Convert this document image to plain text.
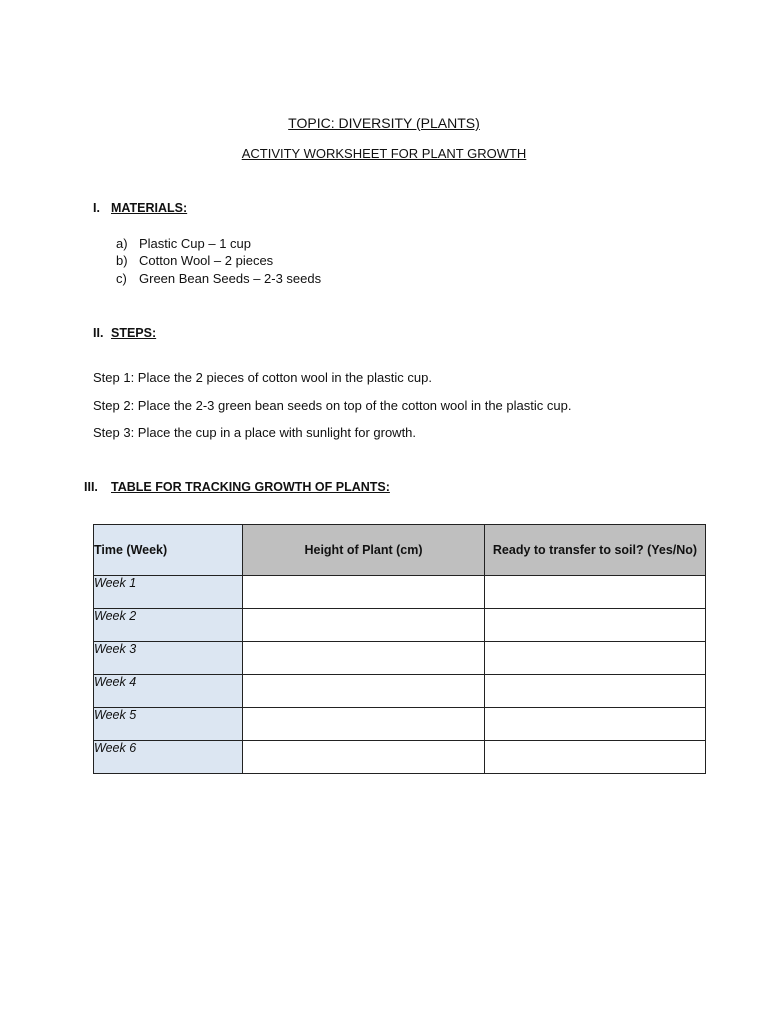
TOPIC: DIVERSITY (PLANTS)
ACTIVITY WORKSHEET FOR PLANT GROWTH
I. MATERIALS:
a) Plastic Cup – 1 cup
b) Cotton Wool – 2 pieces
c) Green Bean Seeds – 2-3 seeds
II. STEPS:
Step 1: Place the 2 pieces of cotton wool in the plastic cup.
Step 2: Place the 2-3 green bean seeds on top of the cotton wool in the plastic cup.
Step 3: Place the cup in a place with sunlight for growth.
III. TABLE FOR TRACKING GROWTH OF PLANTS:
Time (Week)	Height of Plant (cm)	Ready to transfer to soil? (Yes/No)
Week 1		
Week 2		
Week 3		
Week 4		
Week 5		
Week 6		
